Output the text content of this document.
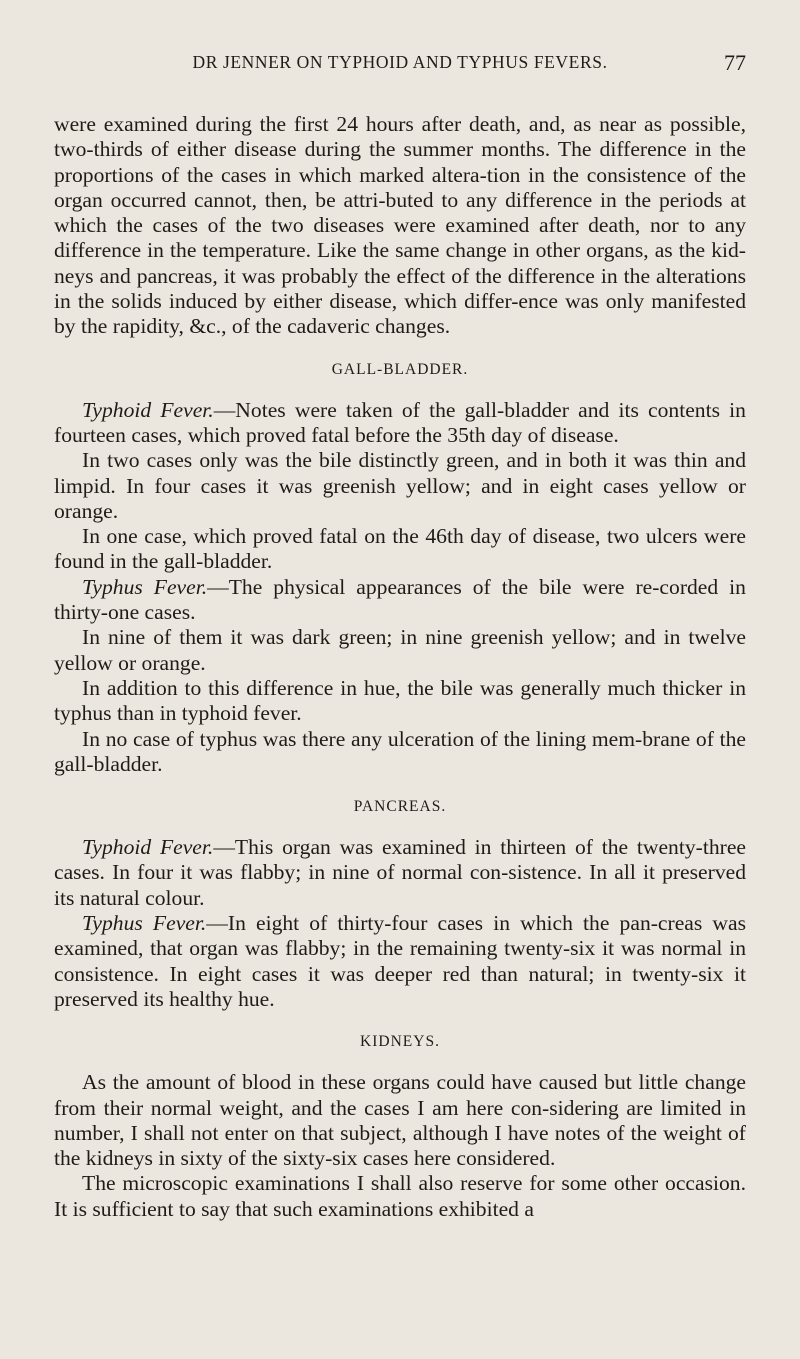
DR JENNER ON TYPHOID AND TYPHUS FEVERS.	77

were examined during the first 24 hours after death, and, as near as possible, two-thirds of either disease during the summer months. The difference in the proportions of the cases in which marked altera-tion in the consistence of the organ occurred cannot, then, be attri-buted to any difference in the periods at which the cases of the two diseases were examined after death, nor to any difference in the temperature. Like the same change in other organs, as the kid-neys and pancreas, it was probably the effect of the difference in the alterations in the solids induced by either disease, which differ-ence was only manifested by the rapidity, &c., of the cadaveric changes.

GALL-BLADDER.

Typhoid Fever.—Notes were taken of the gall-bladder and its contents in fourteen cases, which proved fatal before the 35th day of disease.

In two cases only was the bile distinctly green, and in both it was thin and limpid. In four cases it was greenish yellow; and in eight cases yellow or orange.

In one case, which proved fatal on the 46th day of disease, two ulcers were found in the gall-bladder.

Typhus Fever.—The physical appearances of the bile were re-corded in thirty-one cases.

In nine of them it was dark green; in nine greenish yellow; and in twelve yellow or orange.

In addition to this difference in hue, the bile was generally much thicker in typhus than in typhoid fever.

In no case of typhus was there any ulceration of the lining mem-brane of the gall-bladder.

PANCREAS.

Typhoid Fever.—This organ was examined in thirteen of the twenty-three cases. In four it was flabby; in nine of normal con-sistence. In all it preserved its natural colour.

Typhus Fever.—In eight of thirty-four cases in which the pan-creas was examined, that organ was flabby; in the remaining twenty-six it was normal in consistence. In eight cases it was deeper red than natural; in twenty-six it preserved its healthy hue.

KIDNEYS.

As the amount of blood in these organs could have caused but little change from their normal weight, and the cases I am here con-sidering are limited in number, I shall not enter on that subject, although I have notes of the weight of the kidneys in sixty of the sixty-six cases here considered.

The microscopic examinations I shall also reserve for some other occasion. It is sufficient to say that such examinations exhibited a
